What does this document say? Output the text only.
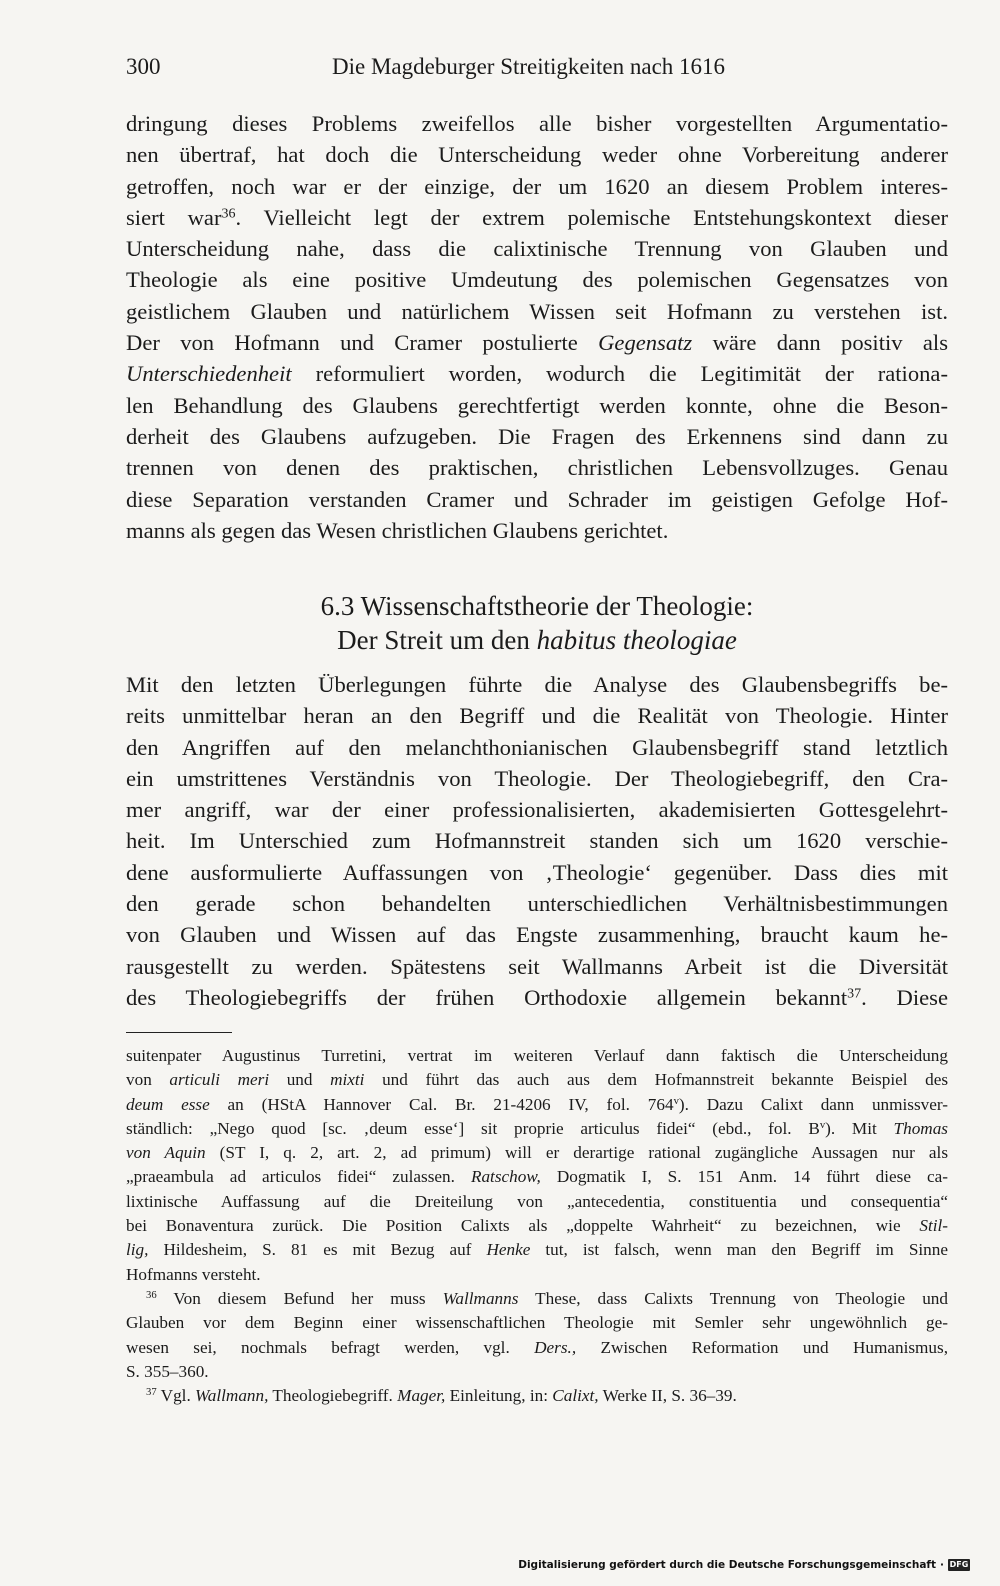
300	Die Magdeburger Streitigkeiten nach 1616
dringung dieses Problems zweifellos alle bisher vorgestellten Argumentatio-
nen übertraf, hat doch die Unterscheidung weder ohne Vorbereitung anderer
getroffen, noch war er der einzige, der um 1620 an diesem Problem interes-
siert war$^{36}$. Vielleicht legt der extrem polemische Entstehungskontext dieser
Unterscheidung nahe, dass die calixtinische Trennung von Glauben und
Theologie als eine positive Umdeutung des polemischen Gegensatzes von
geistlichem Glauben und natürlichem Wissen seit Hofmann zu verstehen ist.
Der von Hofmann und Cramer postulierte Gegensatz wäre dann positiv als
Unterschiedenheit reformuliert worden, wodurch die Legitimität der rationa-
len Behandlung des Glaubens gerechtfertigt werden konnte, ohne die Beson-
derheit des Glaubens aufzugeben. Die Fragen des Erkennens sind dann zu
trennen von denen des praktischen, christlichen Lebensvollzuges. Genau
diese Separation verstanden Cramer und Schrader im geistigen Gefolge Hof-
manns als gegen das Wesen christlichen Glaubens gerichtet.
6.3 Wissenschaftstheorie der Theologie:
Der Streit um den habitus theologiae
Mit den letzten Überlegungen führte die Analyse des Glaubensbegriffs be-
reits unmittelbar heran an den Begriff und die Realität von Theologie. Hinter
den Angriffen auf den melanchthonianischen Glaubensbegriff stand letztlich
ein umstrittenes Verständnis von Theologie. Der Theologiebegriff, den Cra-
mer angriff, war der einer professionalisierten, akademisierten Gottesgelehrt-
heit. Im Unterschied zum Hofmannstreit standen sich um 1620 verschie-
dene ausformulierte Auffassungen von ‚Theologie‘ gegenüber. Dass dies mit
den gerade schon behandelten unterschiedlichen Verhältnisbestimmungen
von Glauben und Wissen auf das Engste zusammenhing, braucht kaum he-
rausgestellt zu werden. Spätestens seit Wallmanns Arbeit ist die Diversität
des Theologiebegriffs der frühen Orthodoxie allgemein bekannt$^{37}$. Diese
suitenpater Augustinus Turretini, vertrat im weiteren Verlauf dann faktisch die Unterscheidung
von articuli meri und mixti und führt das auch aus dem Hofmannstreit bekannte Beispiel des
deum esse an (HStA Hannover Cal. Br. 21-4206 IV, fol. 764$^v$). Dazu Calixt dann unmissver-
ständlich: „Nego quod [sc. ‚deum esse‘] sit proprie articulus fidei“ (ebd., fol. $B^v$). Mit Thomas
von Aquin (ST I, q. 2, art. 2, ad primum) will er derartige rational zugängliche Aussagen nur als
„praeambula ad articulos fidei“ zulassen. Ratschow, Dogmatik I, S. 151 Anm. 14 führt diese ca-
lixtinische Auffassung auf die Dreiteilung von „antecedentia, constituentia und consequentia“
bei Bonaventura zurück. Die Position Calixts als „doppelte Wahrheit“ zu bezeichnen, wie Stil-
lig, Hildesheim, S. 81 es mit Bezug auf Henke tut, ist falsch, wenn man den Begriff im Sinne
Hofmanns versteht.
$^{36}$ Von diesem Befund her muss Wallmanns These, dass Calixts Trennung von Theologie und
Glauben vor dem Beginn einer wissenschaftlichen Theologie mit Semler sehr ungewöhnlich ge-
wesen sei, nochmals befragt werden, vgl. Ders., Zwischen Reformation und Humanismus,
S. 355–360.
$^{37}$ Vgl. Wallmann, Theologiebegriff. Mager, Einleitung, in: Calixt, Werke II, S. 36–39.
Digitalisierung gefördert durch die Deutsche Forschungsgemeinschaft · DFG
